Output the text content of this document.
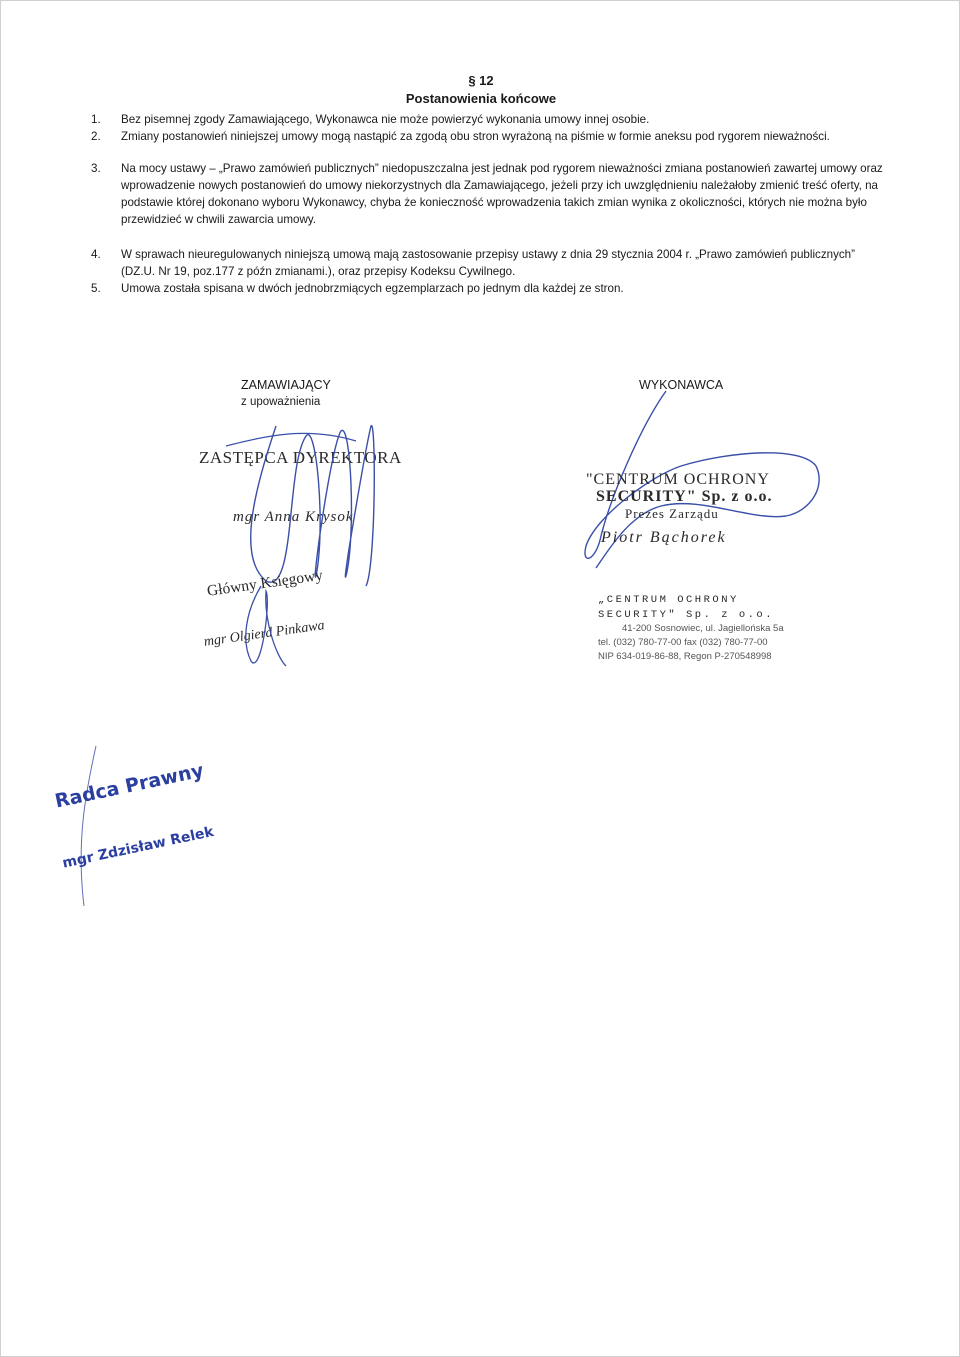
§ 12
Postanowienia końcowe
1.	Bez pisemnej zgody Zamawiającego, Wykonawca nie może powierzyć wykonania umowy innej osobie.
2.	Zmiany postanowień niniejszej umowy mogą nastąpić za zgodą obu stron wyrażoną na piśmie w formie aneksu pod rygorem nieważności.
3.	Na mocy ustawy – „Prawo zamówień publicznych” niedopuszczalna jest jednak pod rygorem nieważności zmiana postanowień zawartej umowy oraz wprowadzenie nowych postanowień do umowy niekorzystnych dla Zamawiającego, jeżeli przy ich uwzględnieniu należałoby zmienić treść oferty, na podstawie której dokonano wyboru Wykonawcy, chyba że konieczność wprowadzenia takich zmian wynika z okoliczności, których nie można było przewidzieć w chwili zawarcia umowy.
4.	W sprawach nieuregulowanych niniejszą umową mają zastosowanie przepisy ustawy z dnia 29 stycznia 2004 r. „Prawo zamówień publicznych” (DZ.U. Nr 19, poz.177 z późn zmianami.), oraz przepisy Kodeksu Cywilnego.
5.	Umowa została spisana w dwóch jednobrzmiących egzemplarzach po jednym dla każdej ze stron.
ZAMAWIAJĄCY
z upoważnienia
ZASTĘPCA DYREKTORA
mgr Anna Krysok
Główny Księgowy
mgr Olgierd Pinkawa
WYKONAWCA
"CENTRUM OCHRONY
SECURITY" Sp. z o.o.
Prezes Zarządu
Piotr Bąchorek
„CENTRUM OCHRONY
SECURITY" Sp. z o.o.
41-200 Sosnowiec, ul. Jagiellońska 5a
tel. (032) 780-77-00 fax (032) 780-77-00
NIP 634-019-86-88, Regon P-270548998
Radca Prawny
mgr Zdzisław Relek
